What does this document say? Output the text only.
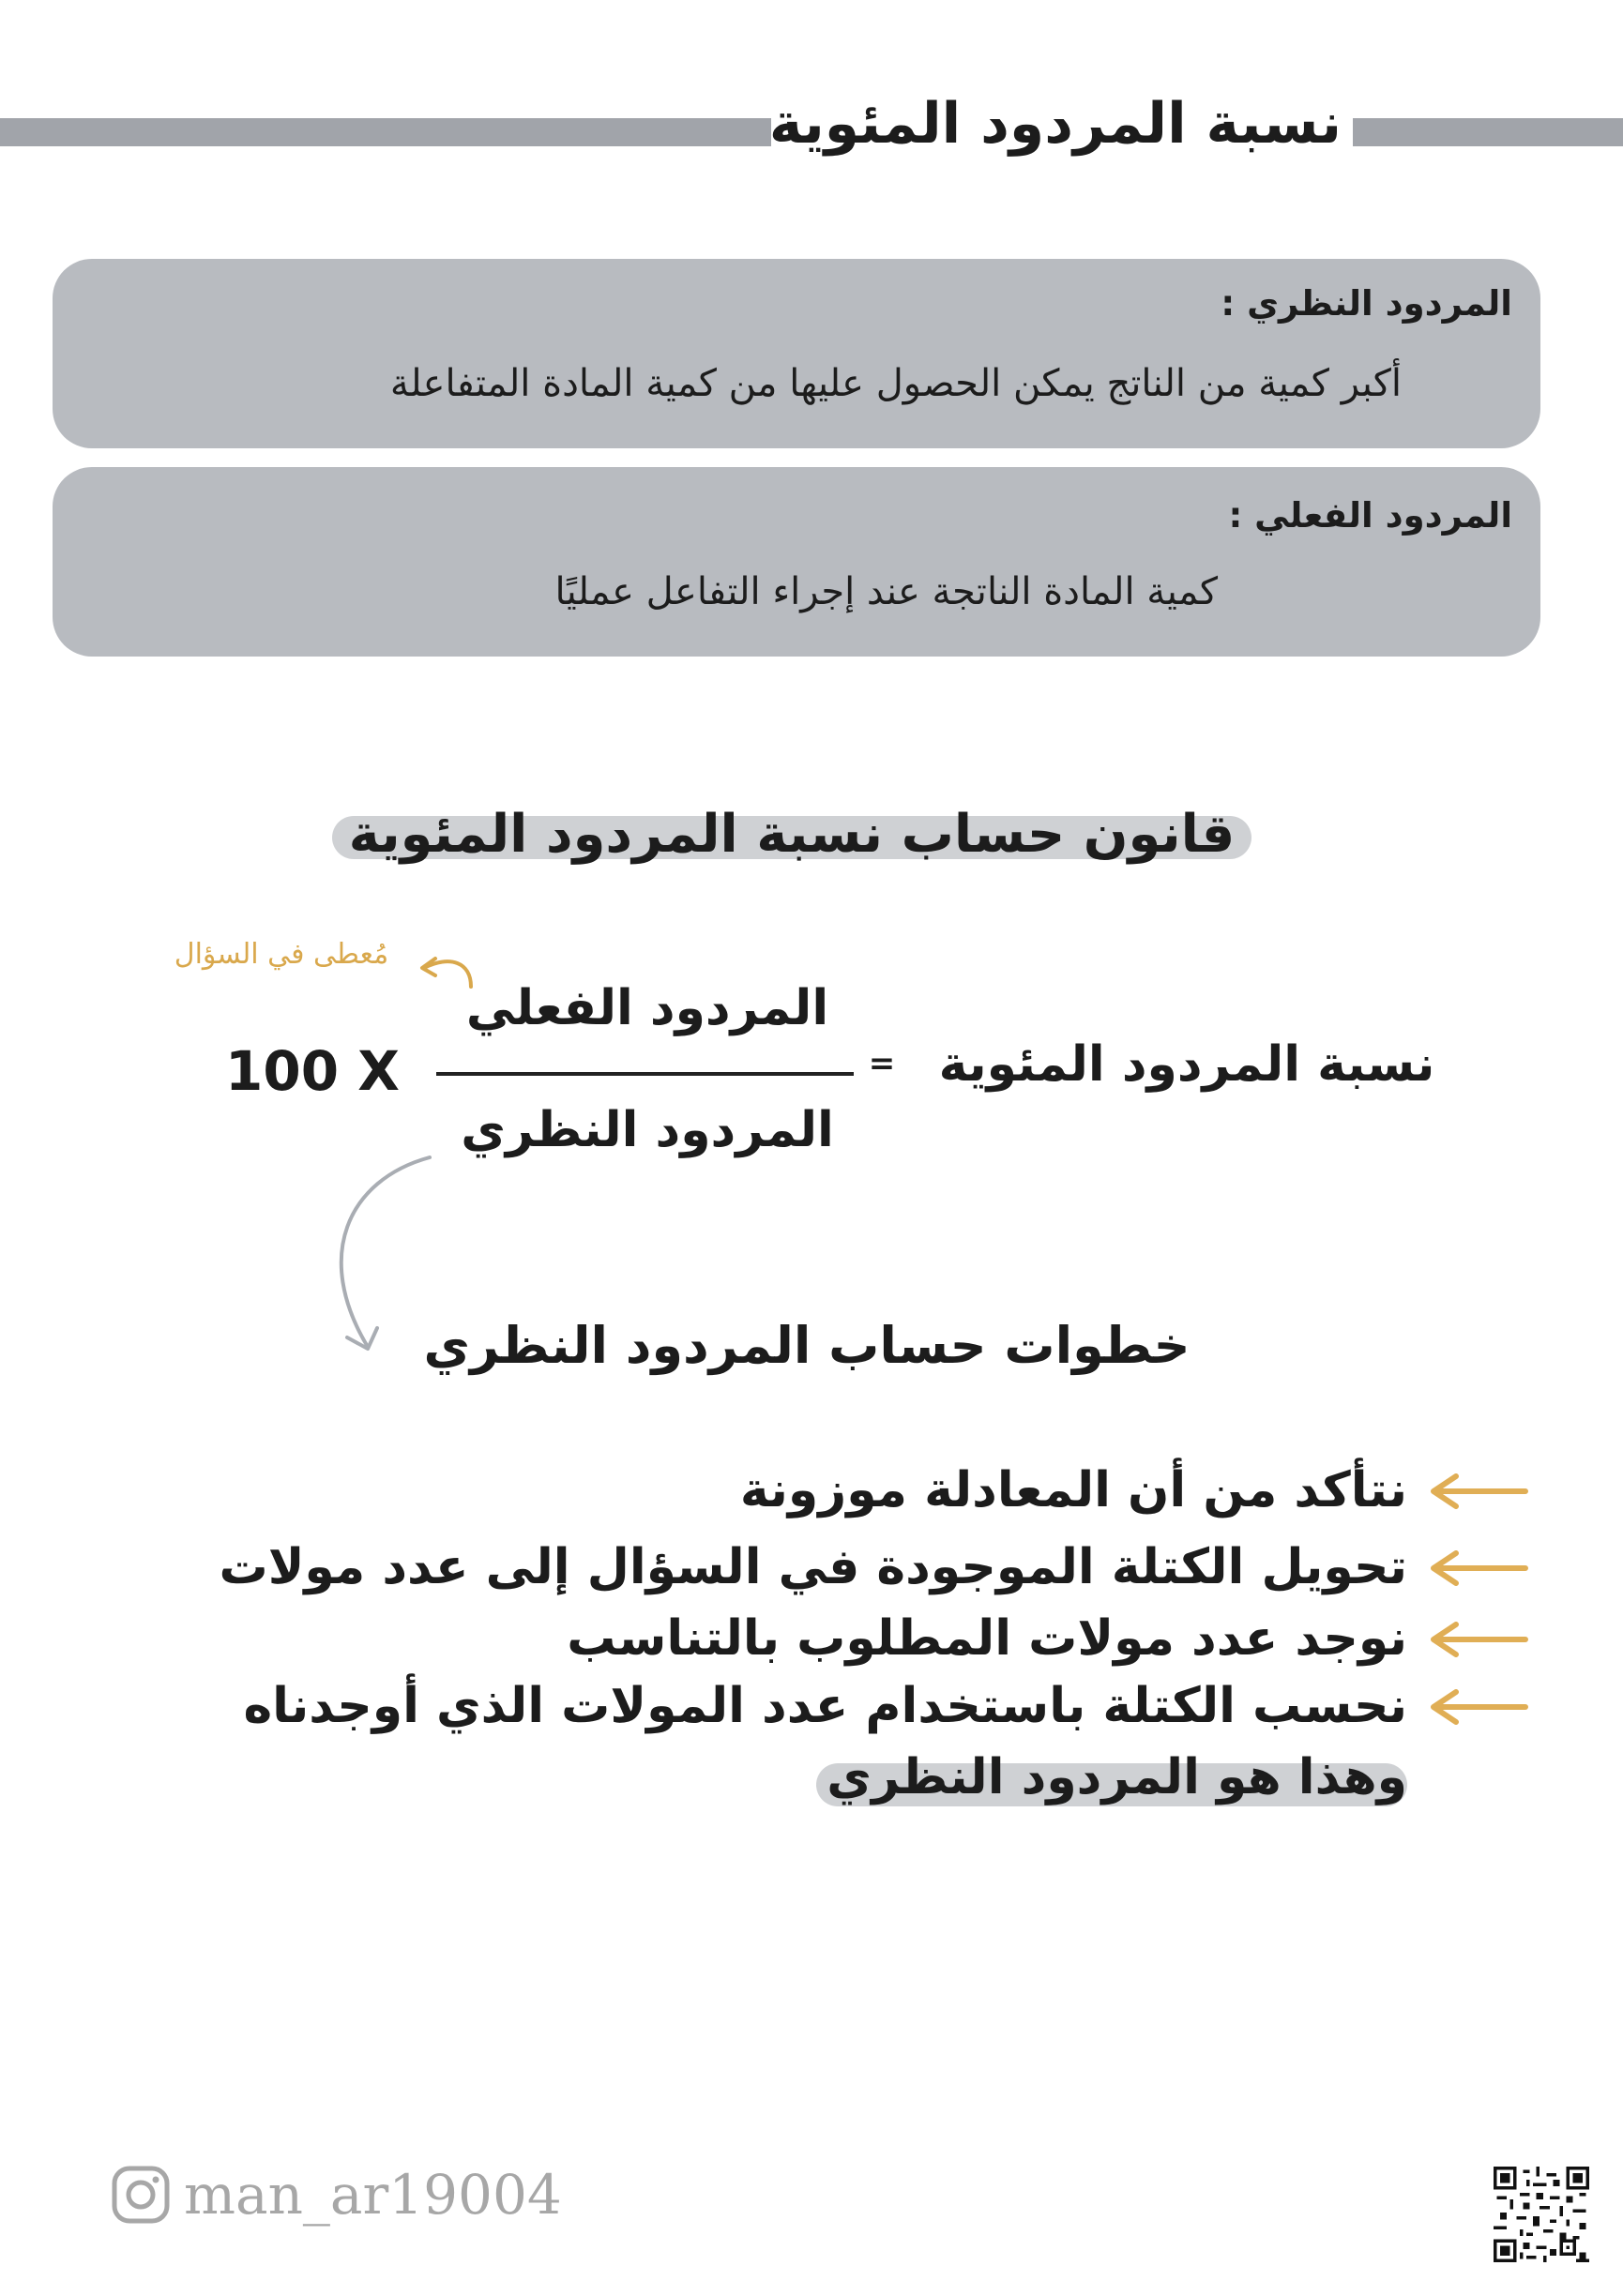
نسبة المردود المئوية
المردود النظري :
أكبر كمية من الناتج يمكن الحصول عليها من كمية المادة المتفاعلة
المردود الفعلي :
كمية المادة الناتجة عند إجراء التفاعل عمليًا
قانون حساب نسبة المردود المئوية
مُعطى في السؤال
المردود الفعلي
المردود النظري
= نسبة المردود المئوية
100 X
خطوات حساب المردود النظري
نتأكد من أن المعادلة موزونة
تحويل الكتلة الموجودة في السؤال إلى عدد مولات
نوجد عدد مولات المطلوب بالتناسب
نحسب الكتلة باستخدام عدد المولات الذي أوجدناه
وهذا هو المردود النظري
man_ar19004
